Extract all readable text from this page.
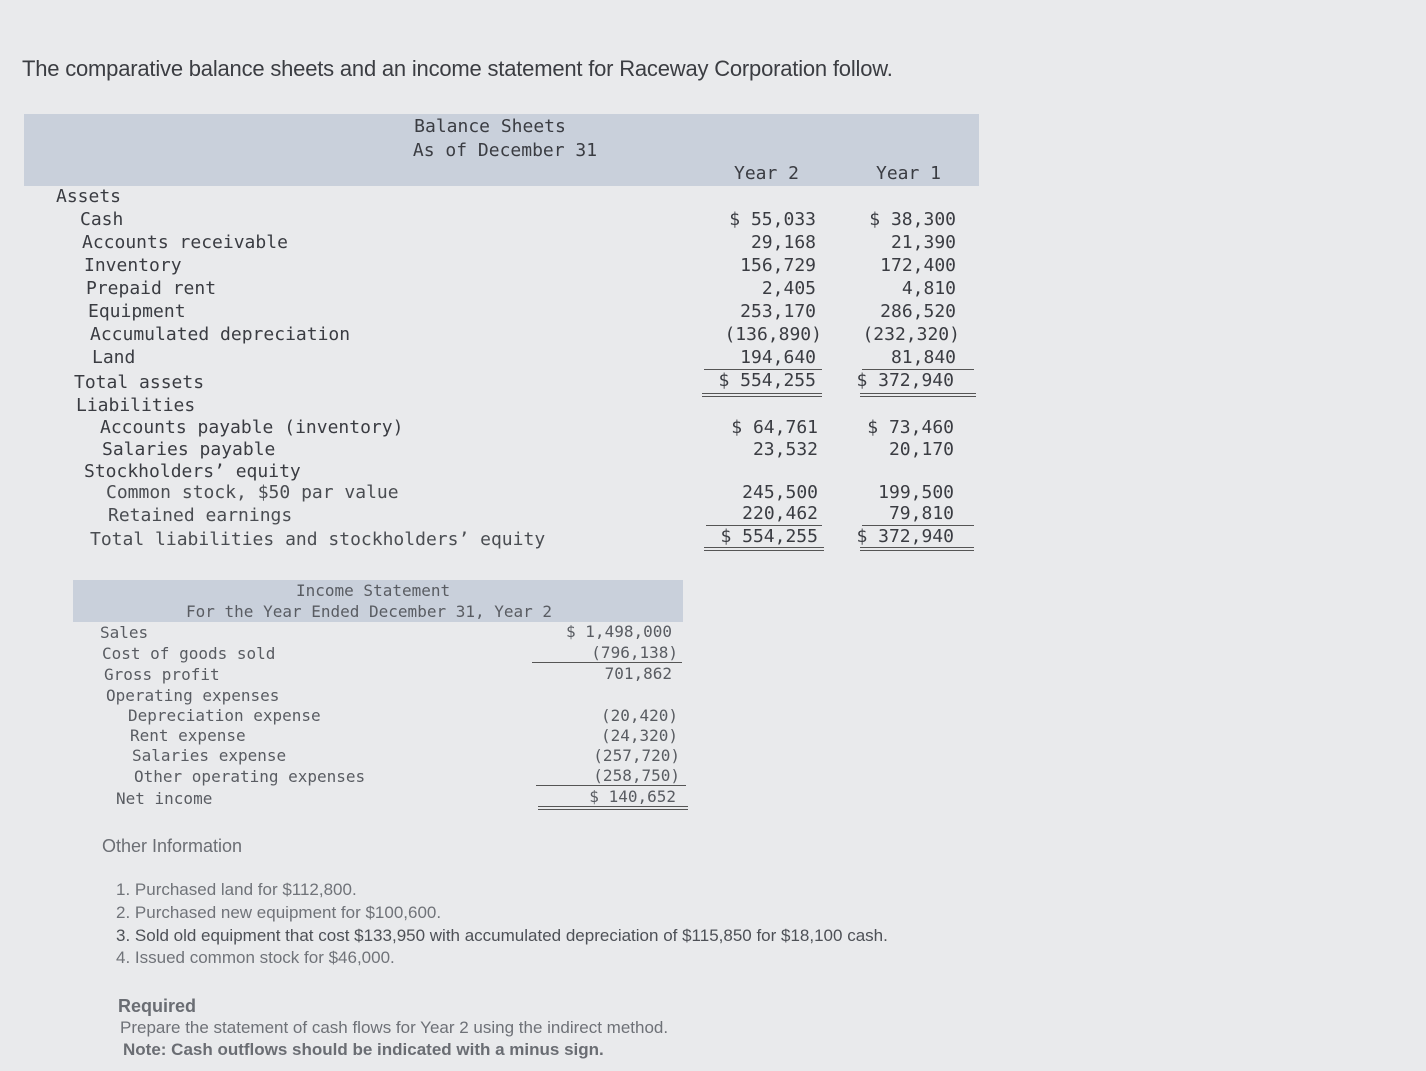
The comparative balance sheets and an income statement for Raceway Corporation follow.
Balance Sheets
As of December 31
Year 2	Year 1
Assets
Cash	$ 55,033	$ 38,300
Accounts receivable	29,168	21,390
Inventory	156,729	172,400
Prepaid rent	2,405	4,810
Equipment	253,170	286,520
Accumulated depreciation	(136,890)	(232,320)
Land	194,640	81,840
Total assets	$ 554,255	$ 372,940
Liabilities
Accounts payable (inventory)	$ 64,761	$ 73,460
Salaries payable	23,532	20,170
Stockholders’ equity
Common stock, $50 par value	245,500	199,500
Retained earnings	220,462	79,810
Total liabilities and stockholders’ equity	$ 554,255	$ 372,940
Income Statement
For the Year Ended December 31, Year 2
Sales	$ 1,498,000
Cost of goods sold	(796,138)
Gross profit	701,862
Operating expenses
Depreciation expense	(20,420)
Rent expense	(24,320)
Salaries expense	(257,720)
Other operating expenses	(258,750)
Net income	$ 140,652
Other Information
1. Purchased land for $112,800.
2. Purchased new equipment for $100,600.
3. Sold old equipment that cost $133,950 with accumulated depreciation of $115,850 for $18,100 cash.
4. Issued common stock for $46,000.
Required
Prepare the statement of cash flows for Year 2 using the indirect method.
Note: Cash outflows should be indicated with a minus sign.
